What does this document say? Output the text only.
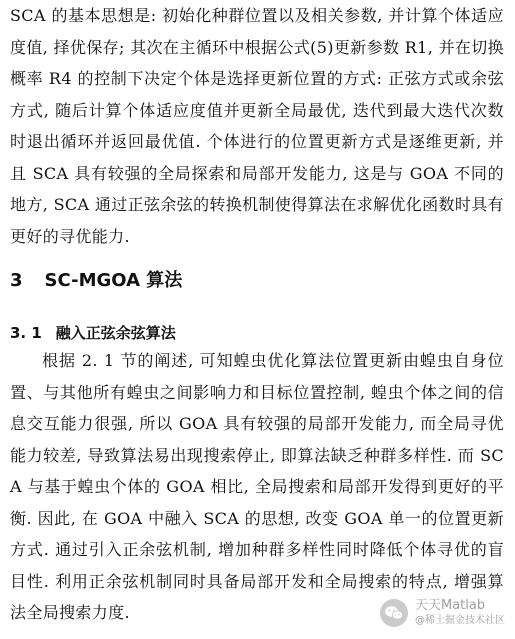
SCA 的基本思想是: 初始化种群位置以及相关参数, 并计算个体适应度值, 择优保存; 其次在主循环中根据公式(5)更新参数 R1, 并在切换概率 R4 的控制下决定个体是选择更新位置的方式: 正弦方式或余弦方式, 随后计算个体适应度值并更新全局最优, 迭代到最大迭代次数时退出循环并返回最优值. 个体进行的位置更新方式是逐维更新, 并且 SCA 具有较强的全局探索和局部开发能力, 这是与 GOA 不同的地方, SCA 通过正弦余弦的转换机制使得算法在求解优化函数时具有更好的寻优能力.

3 SC-MGOA 算法
3. 1 融入正弦余弦算法

根据 2. 1 节的阐述, 可知蝗虫优化算法位置更新由蝗虫自身位置、与其他所有蝗虫之间影响力和目标位置控制, 蝗虫个体之间的信息交互能力很强, 所以 GOA 具有较强的局部开发能力, 而全局寻优能力较差, 导致算法易出现搜索停止, 即算法缺乏种群多样性. 而 SCA 与基于蝗虫个体的 GOA 相比, 全局搜索和局部开发得到更好的平衡. 因此, 在 GOA 中融入 SCA 的思想, 改变 GOA 单一的位置更新方式. 通过引入正余弦机制, 增加种群多样性同时降低个体寻优的盲目性. 利用正余弦机制同时具备局部开发和全局搜索的特点, 增强算法全局搜索力度.	天天Matlab
@稀土掘金技术社区
